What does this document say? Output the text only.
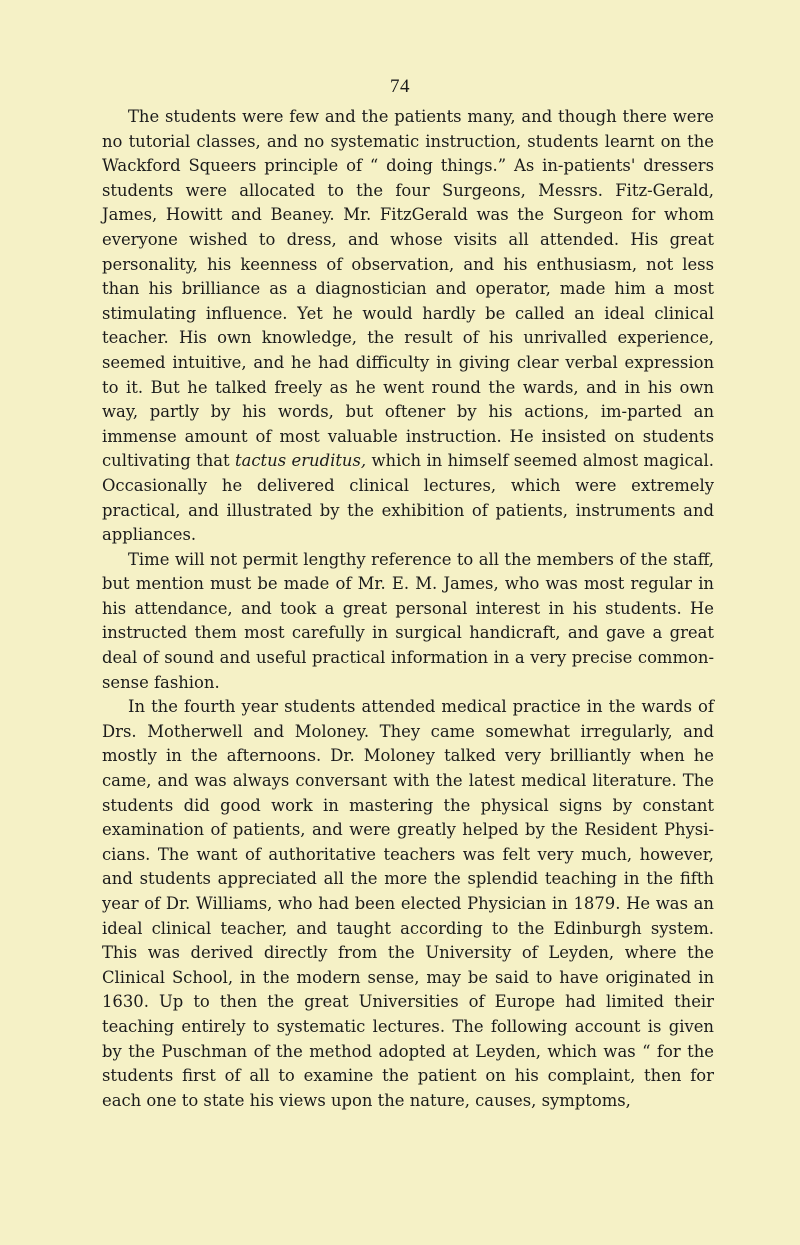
74

The students were few and the patients many, and though there were no tutorial classes, and no systematic instruction, students learnt on the Wackford Squeers principle of “ doing things.” As in-patients' dressers students were allocated to the four Surgeons, Messrs. Fitz-Gerald, James, Howitt and Beaney. Mr. FitzGerald was the Surgeon for whom everyone wished to dress, and whose visits all attended. His great personality, his keenness of observation, and his enthusiasm, not less than his brilliance as a diagnostician and operator, made him a most stimulating influence. Yet he would hardly be called an ideal clinical teacher. His own knowledge, the result of his unrivalled experience, seemed intuitive, and he had difficulty in giving clear verbal expression to it. But he talked freely as he went round the wards, and in his own way, partly by his words, but oftener by his actions, im-parted an immense amount of most valuable instruction. He insisted on students cultivating that tactus eruditus, which in himself seemed almost magical. Occasionally he delivered clinical lectures, which were extremely practical, and illustrated by the exhibition of patients, instruments and appliances.

Time will not permit lengthy reference to all the members of the staff, but mention must be made of Mr. E. M. James, who was most regular in his attendance, and took a great personal interest in his students. He instructed them most carefully in surgical handicraft, and gave a great deal of sound and useful practical information in a very precise common-sense fashion.

In the fourth year students attended medical practice in the wards of Drs. Motherwell and Moloney. They came somewhat irregularly, and mostly in the afternoons. Dr. Moloney talked very brilliantly when he came, and was always conversant with the latest medical literature. The students did good work in mastering the physical signs by constant examination of patients, and were greatly helped by the Resident Physi-cians. The want of authoritative teachers was felt very much, however, and students appreciated all the more the splendid teaching in the fifth year of Dr. Williams, who had been elected Physician in 1879. He was an ideal clinical teacher, and taught according to the Edinburgh system. This was derived directly from the University of Leyden, where the Clinical School, in the modern sense, may be said to have originated in 1630. Up to then the great Universities of Europe had limited their teaching entirely to systematic lectures. The following account is given by the Puschman of the method adopted at Leyden, which was “ for the students first of all to examine the patient on his complaint, then for each one to state his views upon the nature, causes, symptoms,
